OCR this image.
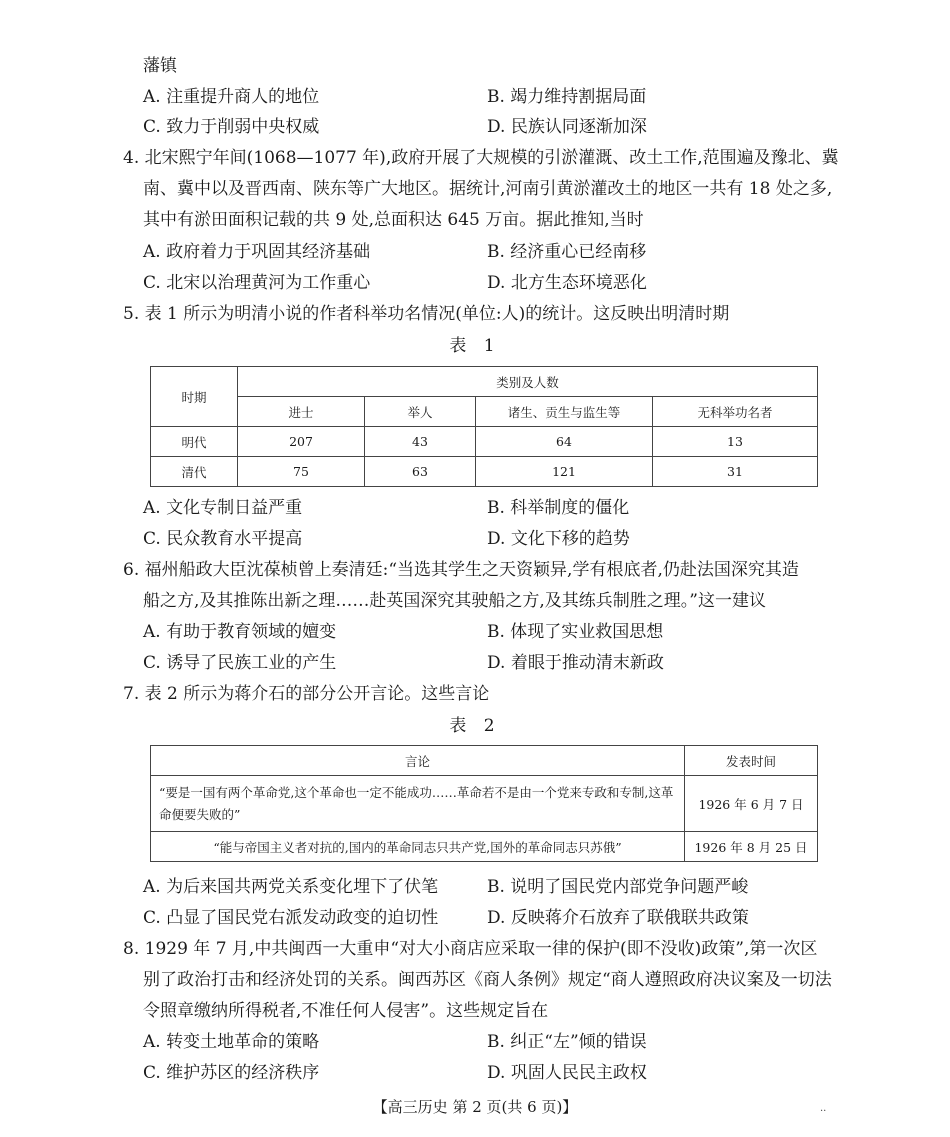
藩镇
A. 注重提升商人的地位	B. 竭力维持割据局面
C. 致力于削弱中央权威	D. 民族认同逐渐加深
4. 北宋熙宁年间(1068—1077 年),政府开展了大规模的引淤灌溉、改土工作,范围遍及豫北、冀
南、冀中以及晋西南、陕东等广大地区。据统计,河南引黄淤灌改土的地区一共有 18 处之多,
其中有淤田面积记载的共 9 处,总面积达 645 万亩。据此推知,当时
A. 政府着力于巩固其经济基础	B. 经济重心已经南移
C. 北宋以治理黄河为工作重心	D. 北方生态环境恶化
5. 表 1 所示为明清小说的作者科举功名情况(单位:人)的统计。这反映出明清时期
表 1
时期	类别及人数			
	进士	举人	诸生、贡生与监生等	无科举功名者
明代	207	43	64	13
清代	75	63	121	31
A. 文化专制日益严重	B. 科举制度的僵化
C. 民众教育水平提高	D. 文化下移的趋势
6. 福州船政大臣沈葆桢曾上奏清廷:“当选其学生之天资颖异,学有根底者,仍赴法国深究其造
船之方,及其推陈出新之理……赴英国深究其驶船之方,及其练兵制胜之理。”这一建议
A. 有助于教育领域的嬗变	B. 体现了实业救国思想
C. 诱导了民族工业的产生	D. 着眼于推动清末新政
7. 表 2 所示为蒋介石的部分公开言论。这些言论
表 2
言论	发表时间
“要是一国有两个革命党,这个革命也一定不能成功……革命若不是由一个党来专政和专制,这革命便要失败的”	1926 年 6 月 7 日
“能与帝国主义者对抗的,国内的革命同志只共产党,国外的革命同志只苏俄”	1926 年 8 月 25 日
A. 为后来国共两党关系变化埋下了伏笔	B. 说明了国民党内部党争问题严峻
C. 凸显了国民党右派发动政变的迫切性	D. 反映蒋介石放弃了联俄联共政策
8. 1929 年 7 月,中共闽西一大重申“对大小商店应采取一律的保护(即不没收)政策”,第一次区
别了政治打击和经济处罚的关系。闽西苏区《商人条例》规定“商人遵照政府决议案及一切法
令照章缴纳所得税者,不准任何人侵害”。这些规定旨在
A. 转变土地革命的策略	B. 纠正“左”倾的错误
C. 维护苏区的经济秩序	D. 巩固人民民主政权
【高三历史 第 2 页(共 6 页)】	..
